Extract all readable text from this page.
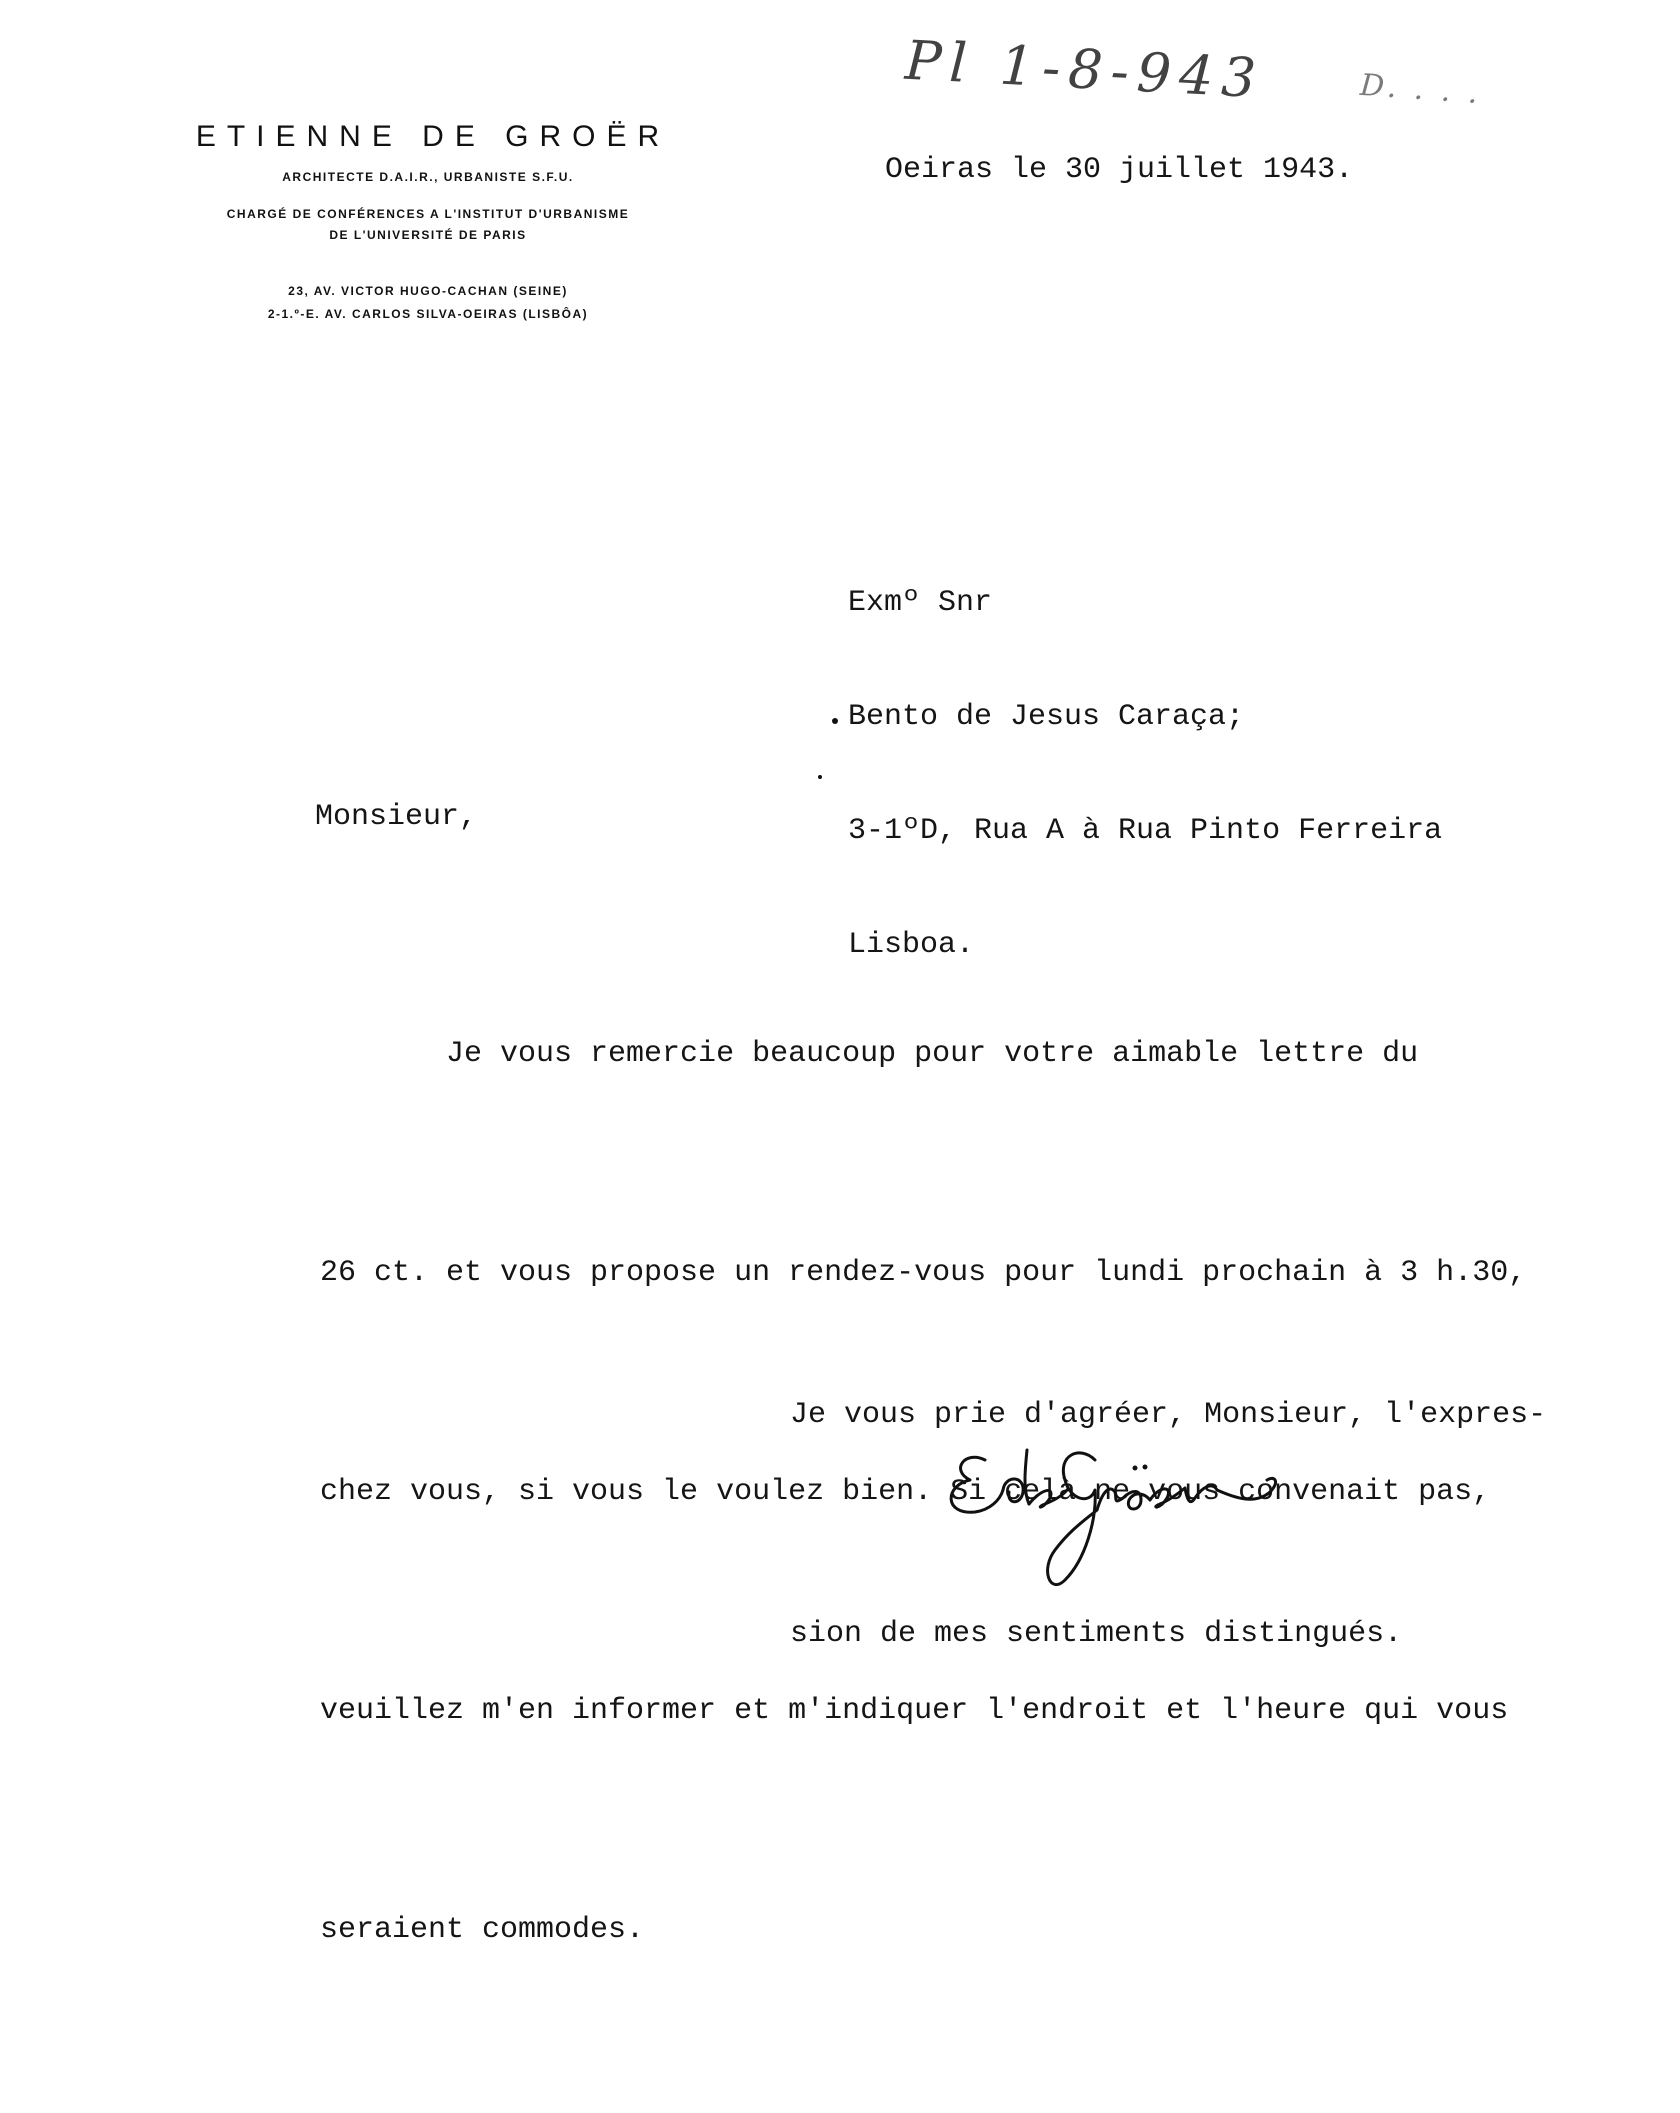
Pl 1-8-943	D. . . .
ETIENNE DE GROËR
ARCHITECTE D.A.I.R., URBANISTE S.F.U.
CHARGÉ DE CONFÉRENCES A L'INSTITUT D'URBANISME
DE L'UNIVERSITÉ DE PARIS
23, AV. VICTOR HUGO-CACHAN (SEINE)
2-1.º-E. AV. CARLOS SILVA-OEIRAS (LISBÔA)
Oeiras le 30 juillet 1943.

Exmº Snr

Bento de Jesus Caraça;

3-1ºD, Rua A à Rua Pinto Ferreira

Lisboa.

Monsieur,

Je vous remercie beaucoup pour votre aimable lettre du

26 ct. et vous propose un rendez-vous pour lundi prochain à 3 h.30,

chez vous, si vous le voulez bien. Si celà ne vous convenait pas,

veuillez m'en informer et m'indiquer l'endroit et l'heure qui vous

seraient commodes.

Je vous prie d'agréer, Monsieur, l'expres-

sion de mes sentiments distingués.
